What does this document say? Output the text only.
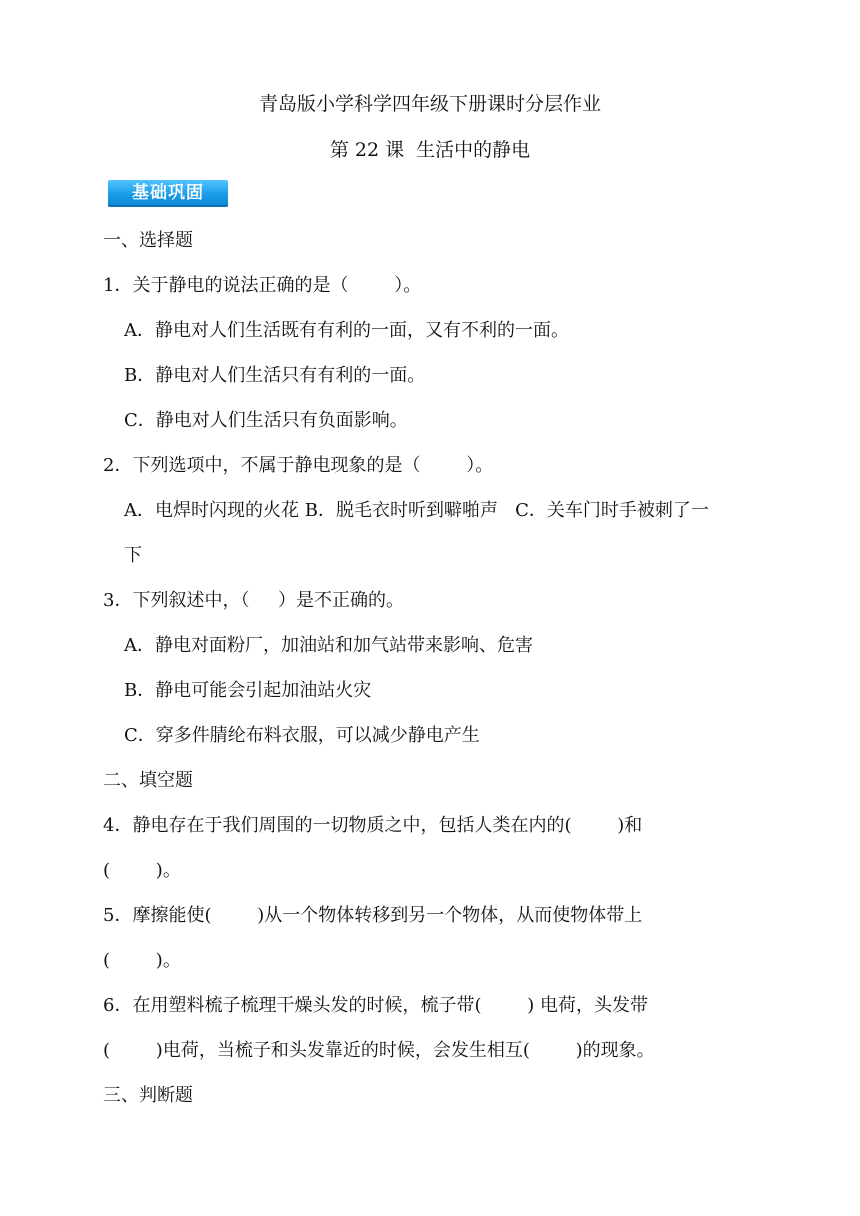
青岛版小学科学四年级下册课时分层作业
第 22 课  生活中的静电
基础巩固
一、选择题
1．关于静电的说法正确的是（        ）。
A．静电对人们生活既有有利的一面，又有不利的一面。
B．静电对人们生活只有有利的一面。
C．静电对人们生活只有负面影响。
2．下列选项中，不属于静电现象的是（        ）。
A．电焊时闪现的火花 B．脱毛衣时听到噼啪声   C．关车门时手被刺了一
下
3．下列叙述中，（     ）是不正确的。
A．静电对面粉厂，加油站和加气站带来影响、危害
B．静电可能会引起加油站火灾
C．穿多件腈纶布料衣服，可以减少静电产生
二、填空题
4．静电存在于我们周围的一切物质之中，包括人类在内的(        )和
(        )。
5．摩擦能使(        )从一个物体转移到另一个物体，从而使物体带上
(        )。
6．在用塑料梳子梳理干燥头发的时候，梳子带(        ) 电荷，头发带
(        )电荷，当梳子和头发靠近的时候，会发生相互(        )的现象。
三、判断题
